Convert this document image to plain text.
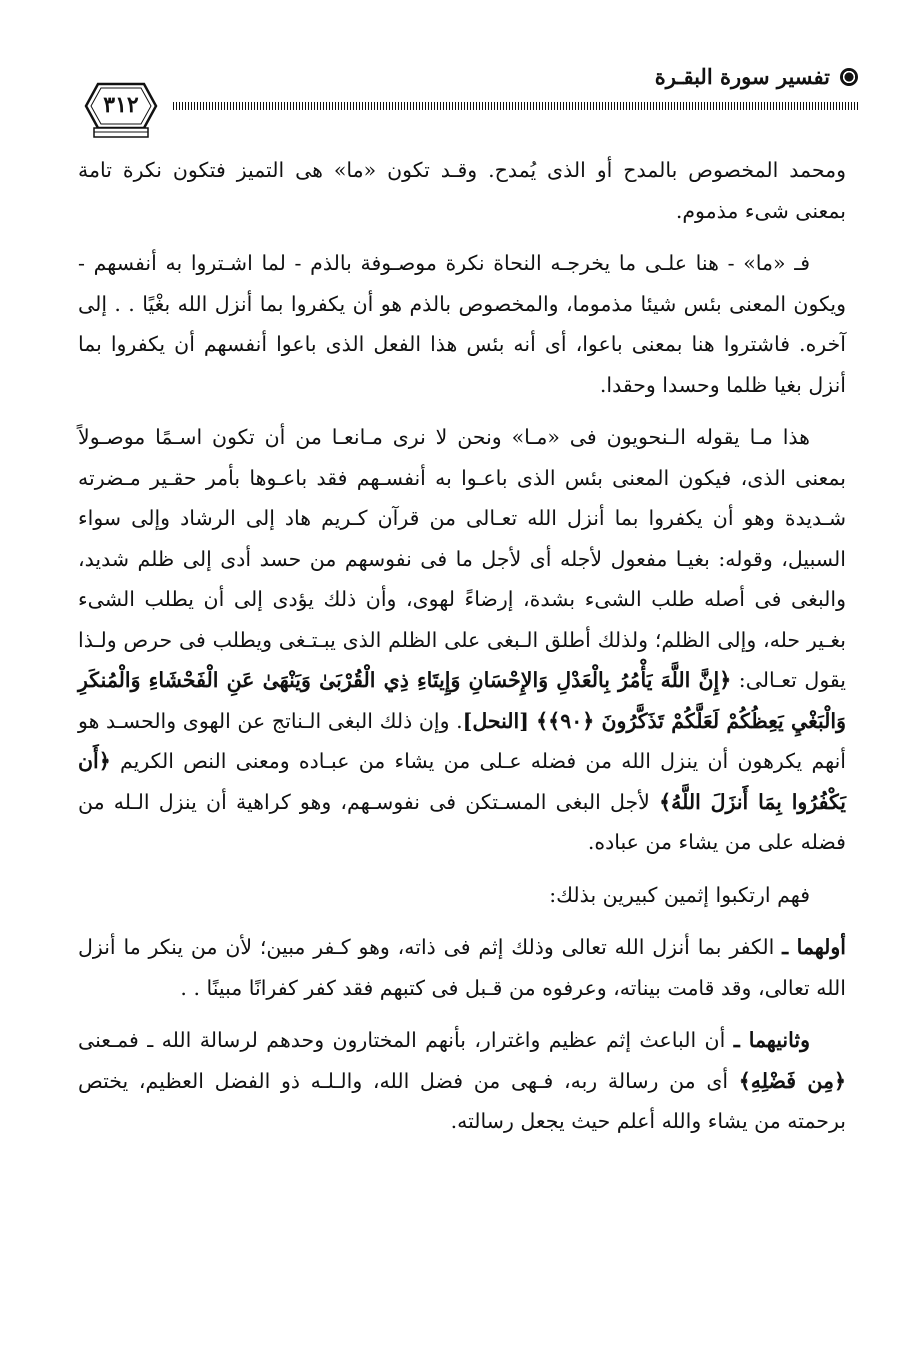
تفسير سورة البقـرة
٣١٢

ومحمد المخصوص بالمدح أو الذى يُمدح. وقـد تكون «ما» هى التميز فتكون نكرة تامة بمعنى شىء مذموم.

فـ «ما» - هنا علـى ما يخرجـه النحاة نكرة موصـوفة بالذم - لما اشـتروا به أنفسهم - ويكون المعنى بئس شيئا مذموما، والمخصوص بالذم هو أن يكفروا بما أنزل الله بغْيًا . . إلى آخره. فاشتروا هنا بمعنى باعوا، أى أنه بئس هذا الفعل الذى باعوا أنفسهم أن يكفروا بما أنزل بغيا ظلما وحسدا وحقدا.

هذا مـا يقوله الـنحويون فى «مـا» ونحن لا نرى مـانعـا من أن تكون اسـمًا موصـولاً بمعنى الذى، فيكون المعنى بئس الذى باعـوا به أنفسـهم فقد باعـوها بأمر حقـير مـضرته شـديدة وهو أن يكفروا بما أنزل الله تعـالى من قرآن كـريم هاد إلى الرشاد وإلى سواء السبيل، وقوله: بغيـا مفعول لأجله أى لأجل ما فى نفوسهم من حسد أدى إلى ظلم شديد، والبغى فى أصله طلب الشىء بشدة، إرضاءً لهوى، وأن ذلك يؤدى إلى أن يطلب الشىء بغـير حله، وإلى الظلم؛ ولذلك أطلق الـبغى على الظلم الذى يبـتـغى ويطلب فى حرص ولـذا يقول تعـالى: ﴿إِنَّ اللَّهَ يَأْمُرُ بِالْعَدْلِ وَالإِحْسَانِ وَإِيتَاءِ ذِي الْقُرْبَىٰ وَيَنْهَىٰ عَنِ الْفَحْشَاءِ وَالْمُنكَرِ وَالْبَغْيِ يَعِظُكُمْ لَعَلَّكُمْ تَذَكَّرُونَ ﴿٩٠﴾﴾ [النحل]. وإن ذلك البغى الـناتج عن الهوى والحسـد هو أنهم يكرهون أن ينزل الله من فضله عـلى من يشاء من عبـاده ومعنى النص الكريم ﴿أَن يَكْفُرُوا بِمَا أَنزَلَ اللَّهُ﴾ لأجل البغى المسـتكن فى نفوسـهم، وهو كراهية أن ينزل الـله من فضله على من يشاء من عباده.

فهم ارتكبوا إثمين كبيرين بذلك:

أولهما ـ الكفر بما أنزل الله تعالى وذلك إثم فى ذاته، وهو كـفر مبين؛ لأن من ينكر ما أنزل الله تعالى، وقد قامت بيناته، وعرفوه من قـبل فى كتبهم فقد كفر كفرانًا مبينًا . .

وثانيهما ـ أن الباعث إثم عظيم واغترار، بأنهم المختارون وحدهم لرسالة الله ـ فمـعنى ﴿مِن فَضْلِهِ﴾ أى من رسالة ربه، فـهى من فضل الله، والـلـه ذو الفضل العظيم، يختص برحمته من يشاء والله أعلم حيث يجعل رسالته.
